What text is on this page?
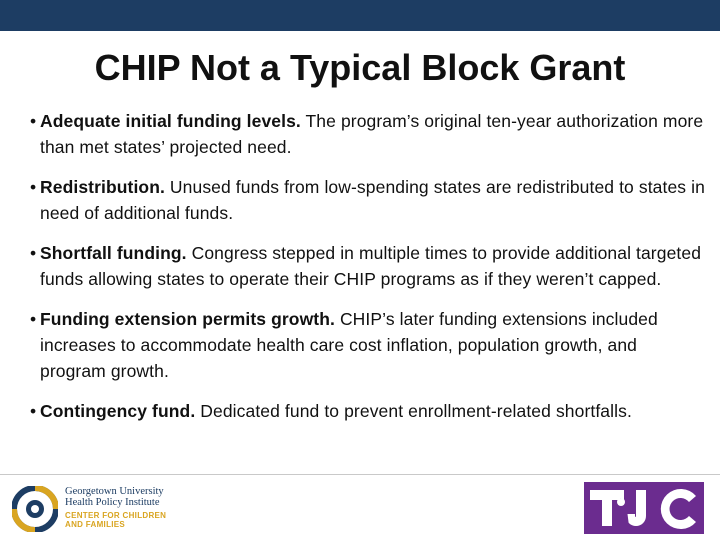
CHIP Not a Typical Block Grant
• Adequate initial funding levels. The program’s original ten-year authorization more than met states’ projected need.
• Redistribution. Unused funds from low-spending states are redistributed to states in need of additional funds.
• Shortfall funding. Congress stepped in multiple times to provide additional targeted funds allowing states to operate their CHIP programs as if they weren’t capped.
• Funding extension permits growth. CHIP’s later funding extensions included increases to accommodate health care cost inflation, population growth, and program growth.
• Contingency fund. Dedicated fund to prevent enrollment-related shortfalls.
Georgetown University
Health Policy Institute
CENTER FOR CHILDREN
AND FAMILIES
